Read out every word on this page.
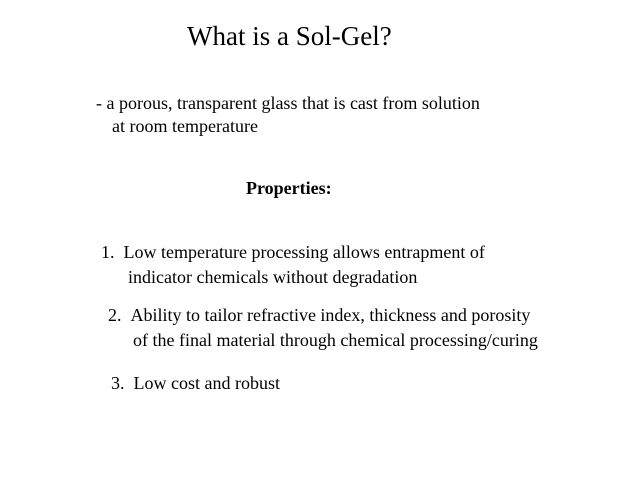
What is a Sol-Gel?
- a porous, transparent glass that is cast from solution
at room temperature
Properties:
1. Low temperature processing allows entrapment of
indicator chemicals without degradation
2. Ability to tailor refractive index, thickness and porosity
of the final material through chemical processing/curing
3. Low cost and robust
